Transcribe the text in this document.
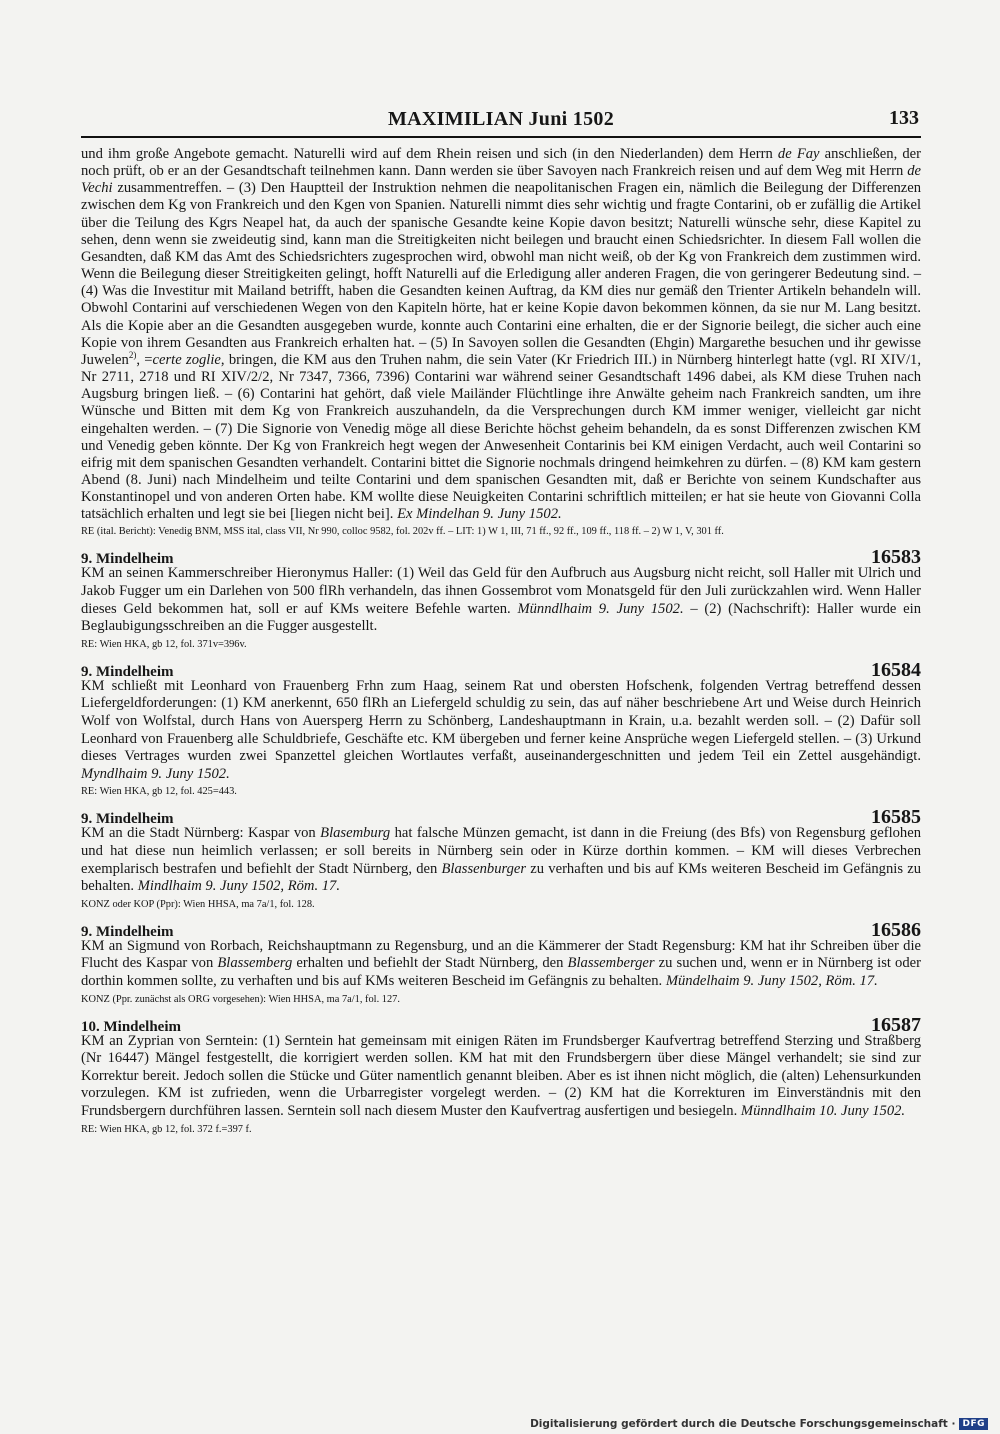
MAXIMILIAN Juni 1502	133

und ihm große Angebote gemacht. Naturelli wird auf dem Rhein reisen und sich (in den Niederlanden) dem Herrn de Fay anschließen, der noch prüft, ob er an der Gesandtschaft teilnehmen kann. Dann werden sie über Savoyen nach Frankreich reisen und auf dem Weg mit Herrn de Vechi zusammentreffen. – (3) Den Hauptteil der Instruktion nehmen die neapolitanischen Fragen ein, nämlich die Beilegung der Differenzen zwischen dem Kg von Frankreich und den Kgen von Spanien. Naturelli nimmt dies sehr wichtig und fragte Contarini, ob er zufällig die Artikel über die Teilung des Kgrs Neapel hat, da auch der spanische Gesandte keine Kopie davon besitzt; Naturelli wünsche sehr, diese Kapitel zu sehen, denn wenn sie zweideutig sind, kann man die Streitigkeiten nicht beilegen und braucht einen Schiedsrichter. In diesem Fall wollen die Gesandten, daß KM das Amt des Schiedsrichters zugesprochen wird, obwohl man nicht weiß, ob der Kg von Frankreich dem zustimmen wird. Wenn die Beilegung dieser Streitigkeiten gelingt, hofft Naturelli auf die Erledigung aller anderen Fragen, die von geringerer Bedeutung sind. – (4) Was die Investitur mit Mailand betrifft, haben die Gesandten keinen Auftrag, da KM dies nur gemäß den Trienter Artikeln behandeln will. Obwohl Contarini auf verschiedenen Wegen von den Kapiteln hörte, hat er keine Kopie davon bekommen können, da sie nur M. Lang besitzt. Als die Kopie aber an die Gesandten ausgegeben wurde, konnte auch Contarini eine erhalten, die er der Signorie beilegt, die sicher auch eine Kopie von ihrem Gesandten aus Frankreich erhalten hat. – (5) In Savoyen sollen die Gesandten (Ehgin) Margarethe besuchen und ihr gewisse Juwelen$^{2)}$, =certe zoglie, bringen, die KM aus den Truhen nahm, die sein Vater (Kr Friedrich III.) in Nürnberg hinterlegt hatte (vgl. RI XIV/1, Nr 2711, 2718 und RI XIV/2/2, Nr 7347, 7366, 7396) Contarini war während seiner Gesandtschaft 1496 dabei, als KM diese Truhen nach Augsburg bringen ließ. – (6) Contarini hat gehört, daß viele Mailänder Flüchtlinge ihre Anwälte geheim nach Frankreich sandten, um ihre Wünsche und Bitten mit dem Kg von Frankreich auszuhandeln, da die Versprechungen durch KM immer weniger, vielleicht gar nicht eingehalten werden. – (7) Die Signorie von Venedig möge all diese Berichte höchst geheim behandeln, da es sonst Differenzen zwischen KM und Venedig geben könnte. Der Kg von Frankreich hegt wegen der Anwesenheit Contarinis bei KM einigen Verdacht, auch weil Contarini so eifrig mit dem spanischen Gesandten verhandelt. Contarini bittet die Signorie nochmals dringend heimkehren zu dürfen. – (8) KM kam gestern Abend (8. Juni) nach Mindelheim und teilte Contarini und dem spanischen Gesandten mit, daß er Berichte von seinem Kundschafter aus Konstantinopel und von anderen Orten habe. KM wollte diese Neuigkeiten Contarini schriftlich mitteilen; er hat sie heute von Giovanni Colla tatsächlich erhalten und legt sie bei [liegen nicht bei]. Ex Mindelhan 9. Juny 1502.

RE (ital. Bericht): Venedig BNM, MSS ital, class VII, Nr 990, colloc 9582, fol. 202v ff. – LIT: 1) W 1, III, 71 ff., 92 ff., 109 ff., 118 ff. – 2) W 1, V, 301 ff.
9. Mindelheim	16583

KM an seinen Kammerschreiber Hieronymus Haller: (1) Weil das Geld für den Aufbruch aus Augsburg nicht reicht, soll Haller mit Ulrich und Jakob Fugger um ein Darlehen von 500 flRh verhandeln, das ihnen Gossembrot vom Monatsgeld für den Juli zurückzahlen wird. Wenn Haller dieses Geld bekommen hat, soll er auf KMs weitere Befehle warten. Münndlhaim 9. Juny 1502. – (2) (Nachschrift): Haller wurde ein Beglaubigungsschreiben an die Fugger ausgestellt.

RE: Wien HKA, gb 12, fol. 371v=396v.
9. Mindelheim	16584

KM schließt mit Leonhard von Frauenberg Frhn zum Haag, seinem Rat und obersten Hofschenk, folgenden Vertrag betreffend dessen Liefergeldforderungen: (1) KM anerkennt, 650 flRh an Liefergeld schuldig zu sein, das auf näher beschriebene Art und Weise durch Heinrich Wolf von Wolfstal, durch Hans von Auersperg Herrn zu Schönberg, Landeshauptmann in Krain, u.a. bezahlt werden soll. – (2) Dafür soll Leonhard von Frauenberg alle Schuldbriefe, Geschäfte etc. KM übergeben und ferner keine Ansprüche wegen Liefergeld stellen. – (3) Urkund dieses Vertrages wurden zwei Spanzettel gleichen Wortlautes verfaßt, auseinandergeschnitten und jedem Teil ein Zettel ausgehändigt. Myndlhaim 9. Juny 1502.

RE: Wien HKA, gb 12, fol. 425=443.
9. Mindelheim	16585

KM an die Stadt Nürnberg: Kaspar von Blasemburg hat falsche Münzen gemacht, ist dann in die Freiung (des Bfs) von Regensburg geflohen und hat diese nun heimlich verlassen; er soll bereits in Nürnberg sein oder in Kürze dorthin kommen. – KM will dieses Verbrechen exemplarisch bestrafen und befiehlt der Stadt Nürnberg, den Blassenburger zu verhaften und bis auf KMs weiteren Bescheid im Gefängnis zu behalten. Mindlhaim 9. Juny 1502, Röm. 17.

KONZ oder KOP (Ppr): Wien HHSA, ma 7a/1, fol. 128.
9. Mindelheim	16586

KM an Sigmund von Rorbach, Reichshauptmann zu Regensburg, und an die Kämmerer der Stadt Regensburg: KM hat ihr Schreiben über die Flucht des Kaspar von Blassemberg erhalten und befiehlt der Stadt Nürnberg, den Blassemberger zu suchen und, wenn er in Nürnberg ist oder dorthin kommen sollte, zu verhaften und bis auf KMs weiteren Bescheid im Gefängnis zu behalten. Mündelhaim 9. Juny 1502, Röm. 17.

KONZ (Ppr. zunächst als ORG vorgesehen): Wien HHSA, ma 7a/1, fol. 127.
10. Mindelheim	16587

KM an Zyprian von Serntein: (1) Serntein hat gemeinsam mit einigen Räten im Frundsberger Kaufvertrag betreffend Sterzing und Straßberg (Nr 16447) Mängel festgestellt, die korrigiert werden sollen. KM hat mit den Frundsbergern über diese Mängel verhandelt; sie sind zur Korrektur bereit. Jedoch sollen die Stücke und Güter namentlich genannt bleiben. Aber es ist ihnen nicht möglich, die (alten) Lehensurkunden vorzulegen. KM ist zufrieden, wenn die Urbarregister vorgelegt werden. – (2) KM hat die Korrekturen im Einverständnis mit den Frundsbergern durchführen lassen. Serntein soll nach diesem Muster den Kaufvertrag ausfertigen und besiegeln. Münndlhaim 10. Juny 1502.

RE: Wien HKA, gb 12, fol. 372 f.=397 f.
Digitalisierung gefördert durch die Deutsche Forschungsgemeinschaft · DFG
